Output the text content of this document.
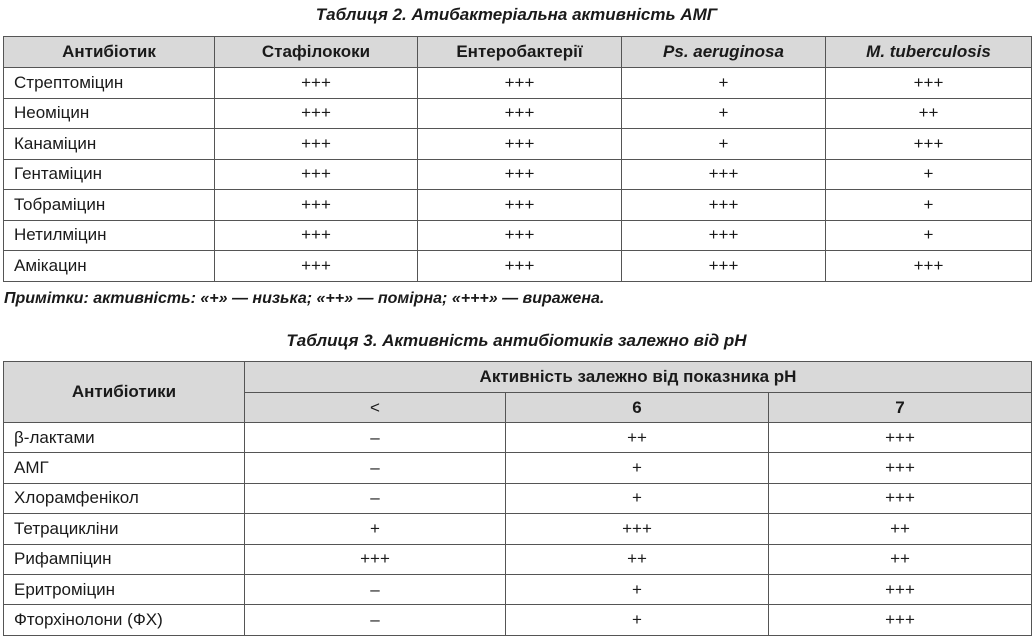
Таблиця 2. Атибактеріальна активність АМГ
Антибіотик	Стафілококи	Ентеробактерії	Ps. aeruginosa	M. tuberculosis
Стрептоміцин	+++	+++	+	+++
Неоміцин	+++	+++	+	++
Канаміцин	+++	+++	+	+++
Гентаміцин	+++	+++	+++	+
Тобраміцин	+++	+++	+++	+
Нетилміцин	+++	+++	+++	+
Амікацин	+++	+++	+++	+++
Примітки: активність: «+» — низька; «++» — помірна; «+++» — виражена.
Таблиця 3. Активність антибіотиків залежно від рН
Антибіотики	Активність залежно від показника рН		
	<	6	7
β-лактами	–	++	+++
АМГ	–	+	+++
Хлорамфенікол	–	+	+++
Тетрацикліни	+	+++	++
Рифампіцин	+++	++	++
Еритроміцин	–	+	+++
Фторхінолони (ФХ)	–	+	+++
